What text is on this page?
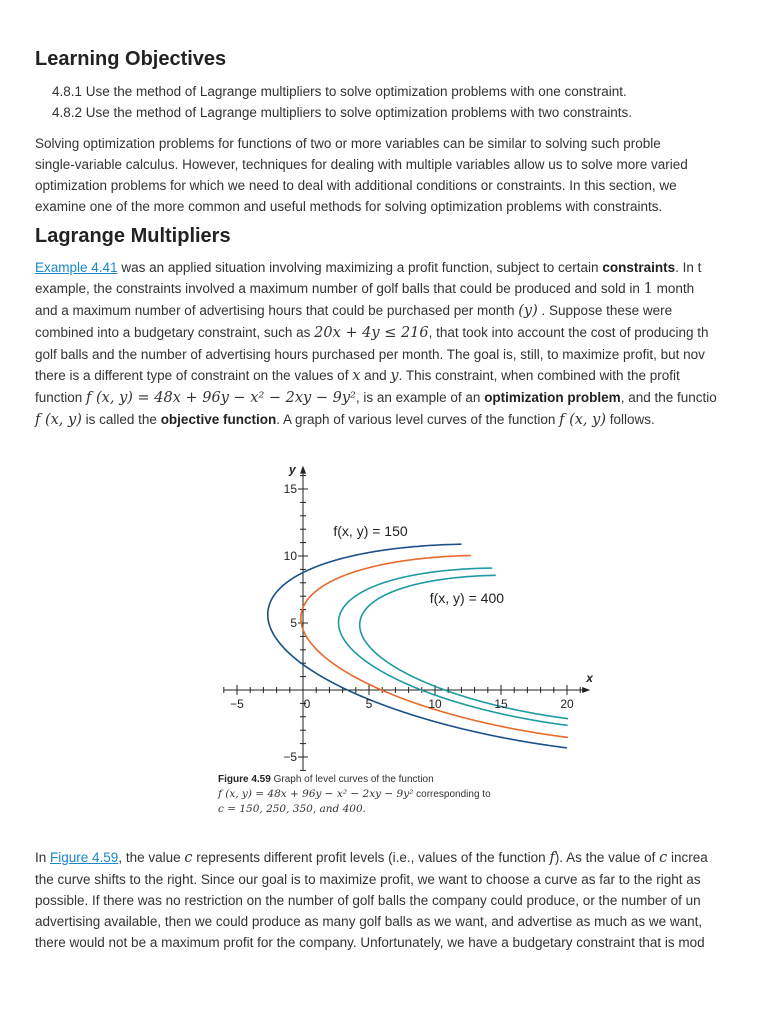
Learning Objectives
4.8.1 Use the method of Lagrange multipliers to solve optimization problems with one constraint.
4.8.2 Use the method of Lagrange multipliers to solve optimization problems with two constraints.
Solving optimization problems for functions of two or more variables can be similar to solving such proble
single-variable calculus. However, techniques for dealing with multiple variables allow us to solve more varied
optimization problems for which we need to deal with additional conditions or constraints. In this section, we
examine one of the more common and useful methods for solving optimization problems with constraints.
Lagrange Multipliers
Example 4.41 was an applied situation involving maximizing a profit function, subject to certain constraints. In t
example, the constraints involved a maximum number of golf balls that could be produced and sold in 1 month
and a maximum number of advertising hours that could be purchased per month (y) . Suppose these were
combined into a budgetary constraint, such as 20x + 4y ≤ 216, that took into account the cost of producing th
golf balls and the number of advertising hours purchased per month. The goal is, still, to maximize profit, but nov
there is a different type of constraint on the values of x and y. This constraint, when combined with the profit
function f (x, y) = 48x + 96y − x² − 2xy − 9y², is an example of an optimization problem, and the functio
f (x, y) is called the objective function. A graph of various level curves of the function f (x, y) follows.
−5	0	5	10	15	20
−5
5
10
15
x
y
f(x, y) = 150
f(x, y) = 400
Figure 4.59 Graph of level curves of the function
f (x, y) = 48x + 96y − x² − 2xy − 9y² corresponding to
c = 150, 250, 350, and 400.
In Figure 4.59, the value c represents different profit levels (i.e., values of the function f). As the value of c increa
the curve shifts to the right. Since our goal is to maximize profit, we want to choose a curve as far to the right as
possible. If there was no restriction on the number of golf balls the company could produce, or the number of un
advertising available, then we could produce as many golf balls as we want, and advertise as much as we want,
there would not be a maximum profit for the company. Unfortunately, we have a budgetary constraint that is mod
